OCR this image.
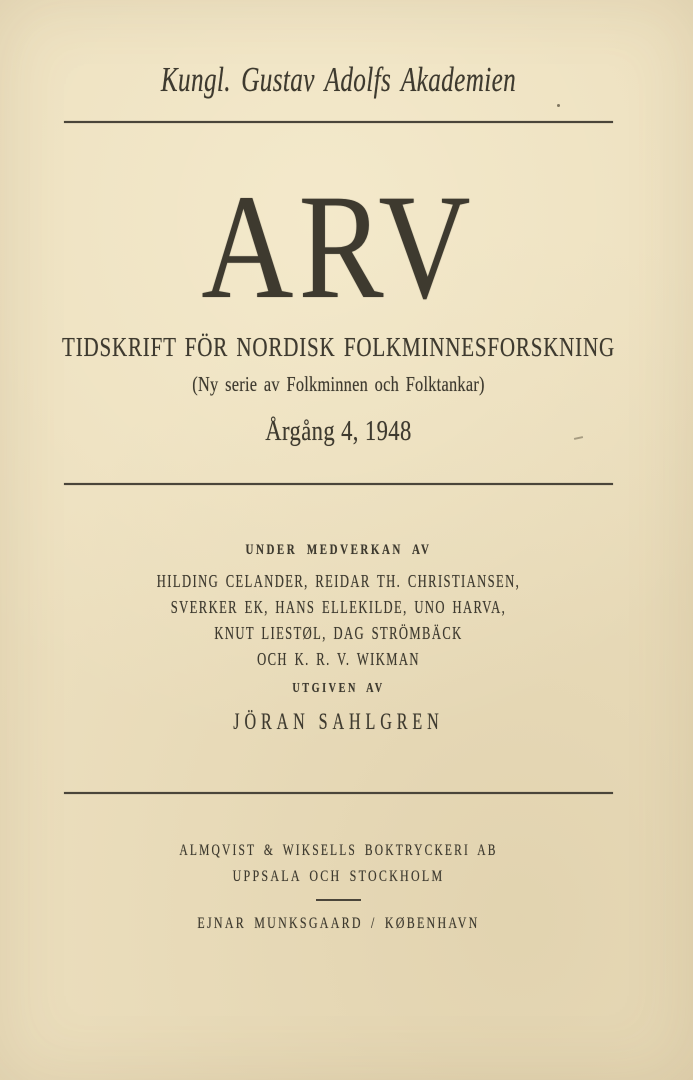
Kungl. Gustav Adolfs Akademien
ARV
TIDSKRIFT FÖR NORDISK FOLKMINNESFORSKNING
(Ny serie av Folkminnen och Folktankar)
Årgång 4, 1948
UNDER MEDVERKAN AV
HILDING CELANDER, REIDAR TH. CHRISTIANSEN,
SVERKER EK, HANS ELLEKILDE, UNO HARVA,
KNUT LIESTØL, DAG STRÖMBÄCK
OCH K. R. V. WIKMAN
UTGIVEN AV
JÖRAN SAHLGREN
ALMQVIST & WIKSELLS BOKTRYCKERI AB
UPPSALA OCH STOCKHOLM
EJNAR MUNKSGAARD / KØBENHAVN
